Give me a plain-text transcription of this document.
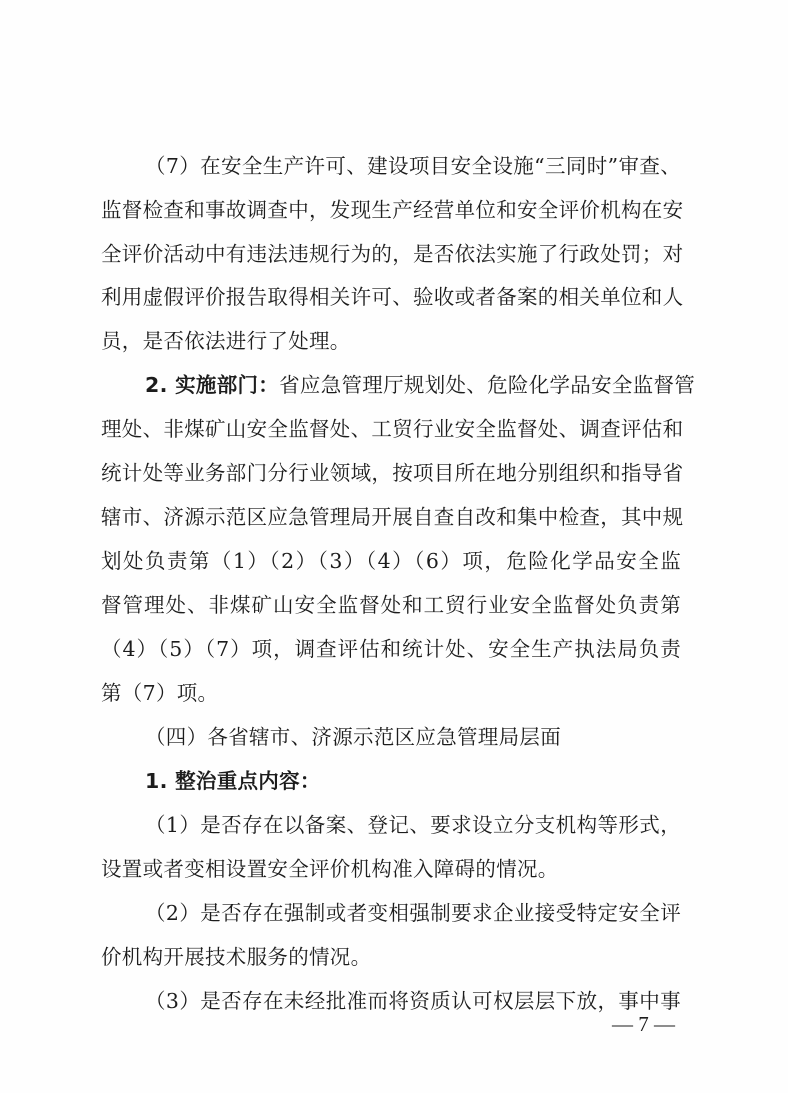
（7）在安全生产许可、建设项目安全设施“三同时”审查、
监督检查和事故调查中，发现生产经营单位和安全评价机构在安
全评价活动中有违法违规行为的，是否依法实施了行政处罚；对
利用虚假评价报告取得相关许可、验收或者备案的相关单位和人
员，是否依法进行了处理。
2. 实施部门：省应急管理厅规划处、危险化学品安全监督管
理处、非煤矿山安全监督处、工贸行业安全监督处、调查评估和
统计处等业务部门分行业领域，按项目所在地分别组织和指导省
辖市、济源示范区应急管理局开展自查自改和集中检查，其中规
划处负责第（1）（2）（3）（4）（6）项，危险化学品安全监
督管理处、非煤矿山安全监督处和工贸行业安全监督处负责第
（4）（5）（7）项，调查评估和统计处、安全生产执法局负责
第（7）项。
（四）各省辖市、济源示范区应急管理局层面
1. 整治重点内容：
（1）是否存在以备案、登记、要求设立分支机构等形式，
设置或者变相设置安全评价机构准入障碍的情况。
（2）是否存在强制或者变相强制要求企业接受特定安全评
价机构开展技术服务的情况。
（3）是否存在未经批准而将资质认可权层层下放，事中事
— 7 —
